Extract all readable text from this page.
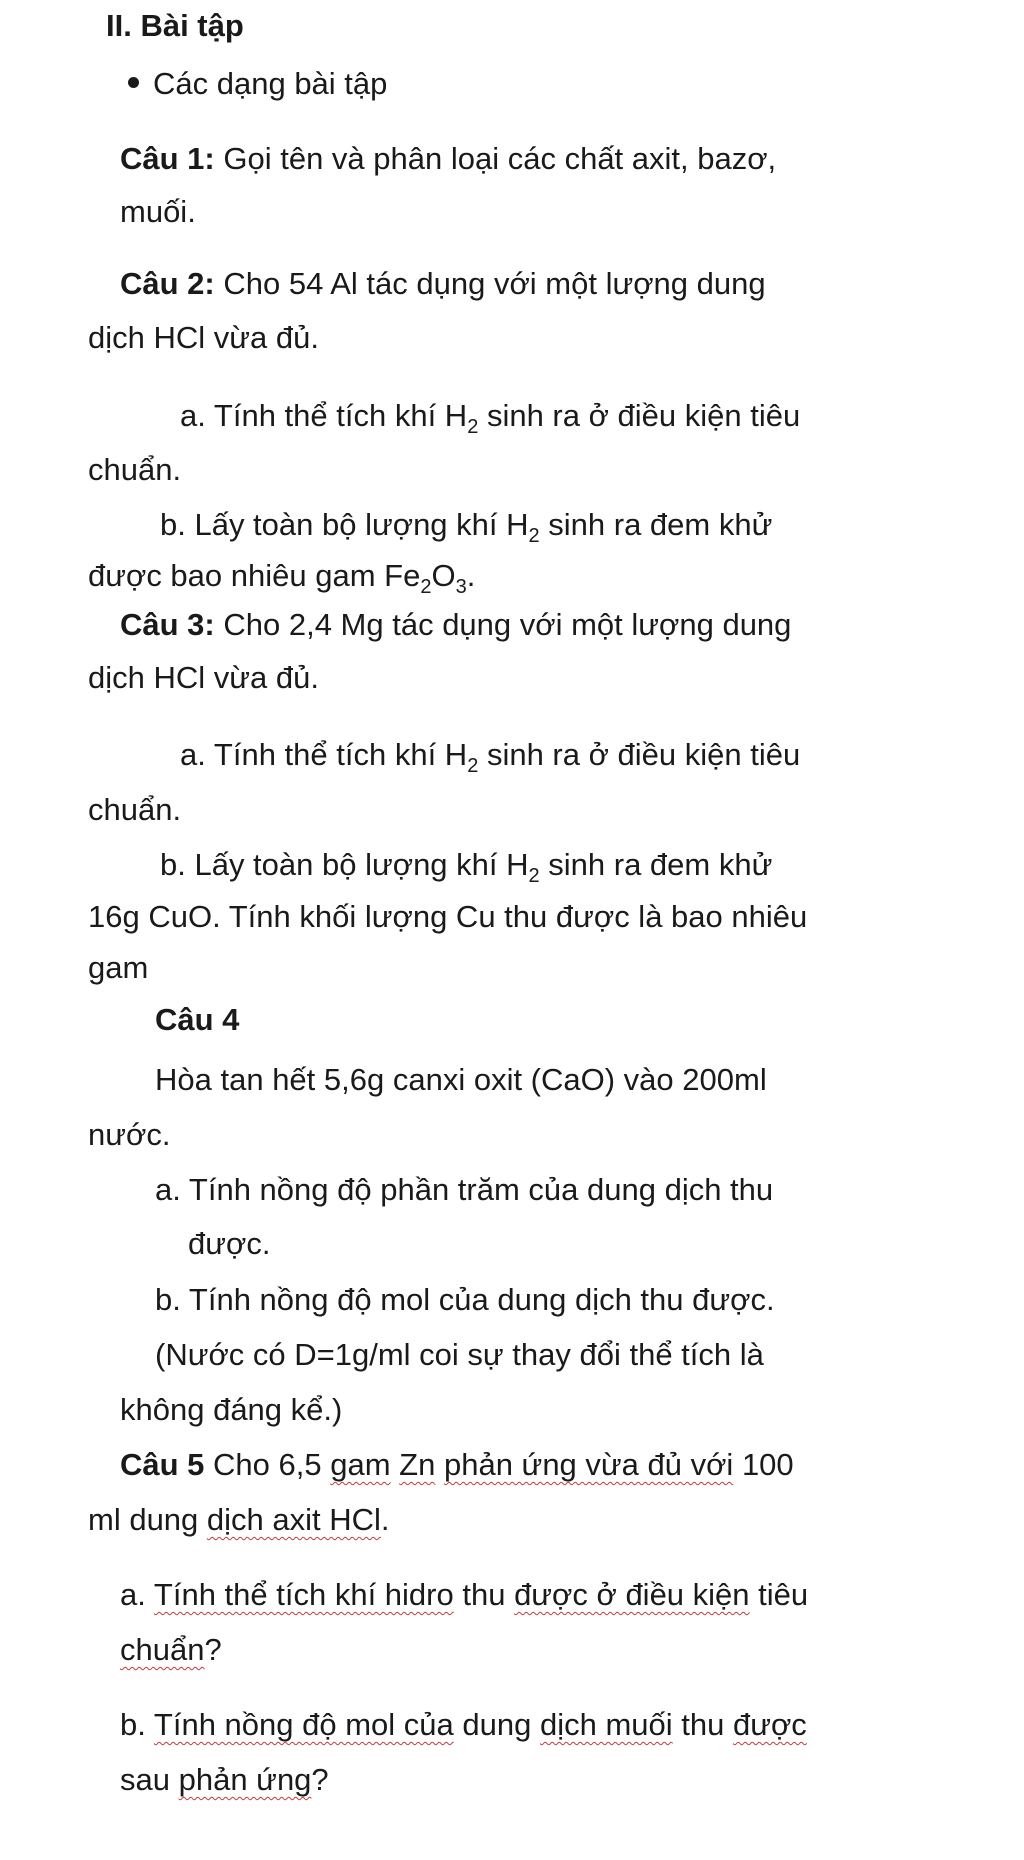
II. Bài tập
Các dạng bài tập
Câu 1: Gọi tên và phân loại các chất axit, bazơ,
muối.
Câu 2: Cho 54 Al tác dụng với một lượng dung
dịch HCl vừa đủ.
a. Tính thể tích khí $H_2$ sinh ra ở điều kiện tiêu
chuẩn.
b. Lấy toàn bộ lượng khí $H_2$ sinh ra đem khử
được bao nhiêu gam $Fe_2O_3$.
Câu 3: Cho 2,4 Mg tác dụng với một lượng dung
dịch HCl vừa đủ.
a. Tính thể tích khí $H_2$ sinh ra ở điều kiện tiêu
chuẩn.
b. Lấy toàn bộ lượng khí $H_2$ sinh ra đem khử
16g CuO. Tính khối lượng Cu thu được là bao nhiêu
gam
Câu 4
Hòa tan hết 5,6g canxi oxit (CaO) vào 200ml
nước.
a. Tính nồng độ phần trăm của dung dịch thu
được.
b. Tính nồng độ mol của dung dịch thu được.
(Nước có D=1g/ml coi sự thay đổi thể tích là
không đáng kể.)
Câu 5 Cho 6,5 gam Zn phản ứng vừa đủ với 100
ml dung dịch axit HCl.
a. Tính thể tích khí hidro thu được ở điều kiện tiêu
chuẩn?
b. Tính nồng độ mol của dung dịch muối thu được
sau phản ứng?
